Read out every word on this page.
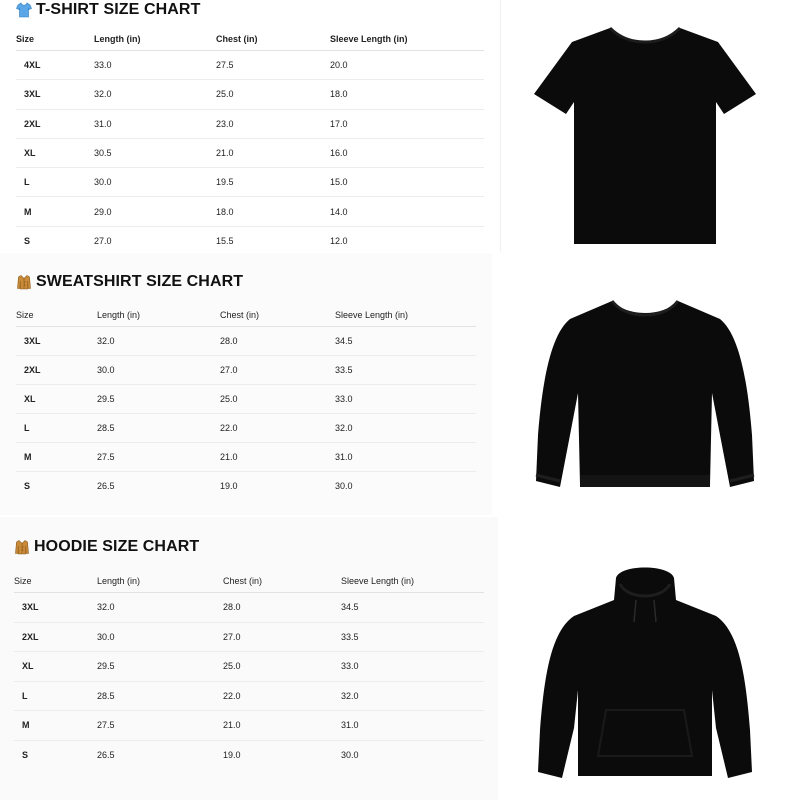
T-SHIRT SIZE CHART
Size	Length (in)	Chest (in)	Sleeve Length (in)
4XL	33.0	27.5	20.0
3XL	32.0	25.0	18.0
2XL	31.0	23.0	17.0
XL	30.5	21.0	16.0
L	30.0	19.5	15.0
M	29.0	18.0	14.0
S	27.0	15.5	12.0
SWEATSHIRT SIZE CHART
Size	Length (in)	Chest (in)	Sleeve Length (in)
3XL	32.0	28.0	34.5
2XL	30.0	27.0	33.5
XL	29.5	25.0	33.0
L	28.5	22.0	32.0
M	27.5	21.0	31.0
S	26.5	19.0	30.0
HOODIE SIZE CHART
Size	Length (in)	Chest (in)	Sleeve Length (in)
3XL	32.0	28.0	34.5
2XL	30.0	27.0	33.5
XL	29.5	25.0	33.0
L	28.5	22.0	32.0
M	27.5	21.0	31.0
S	26.5	19.0	30.0
